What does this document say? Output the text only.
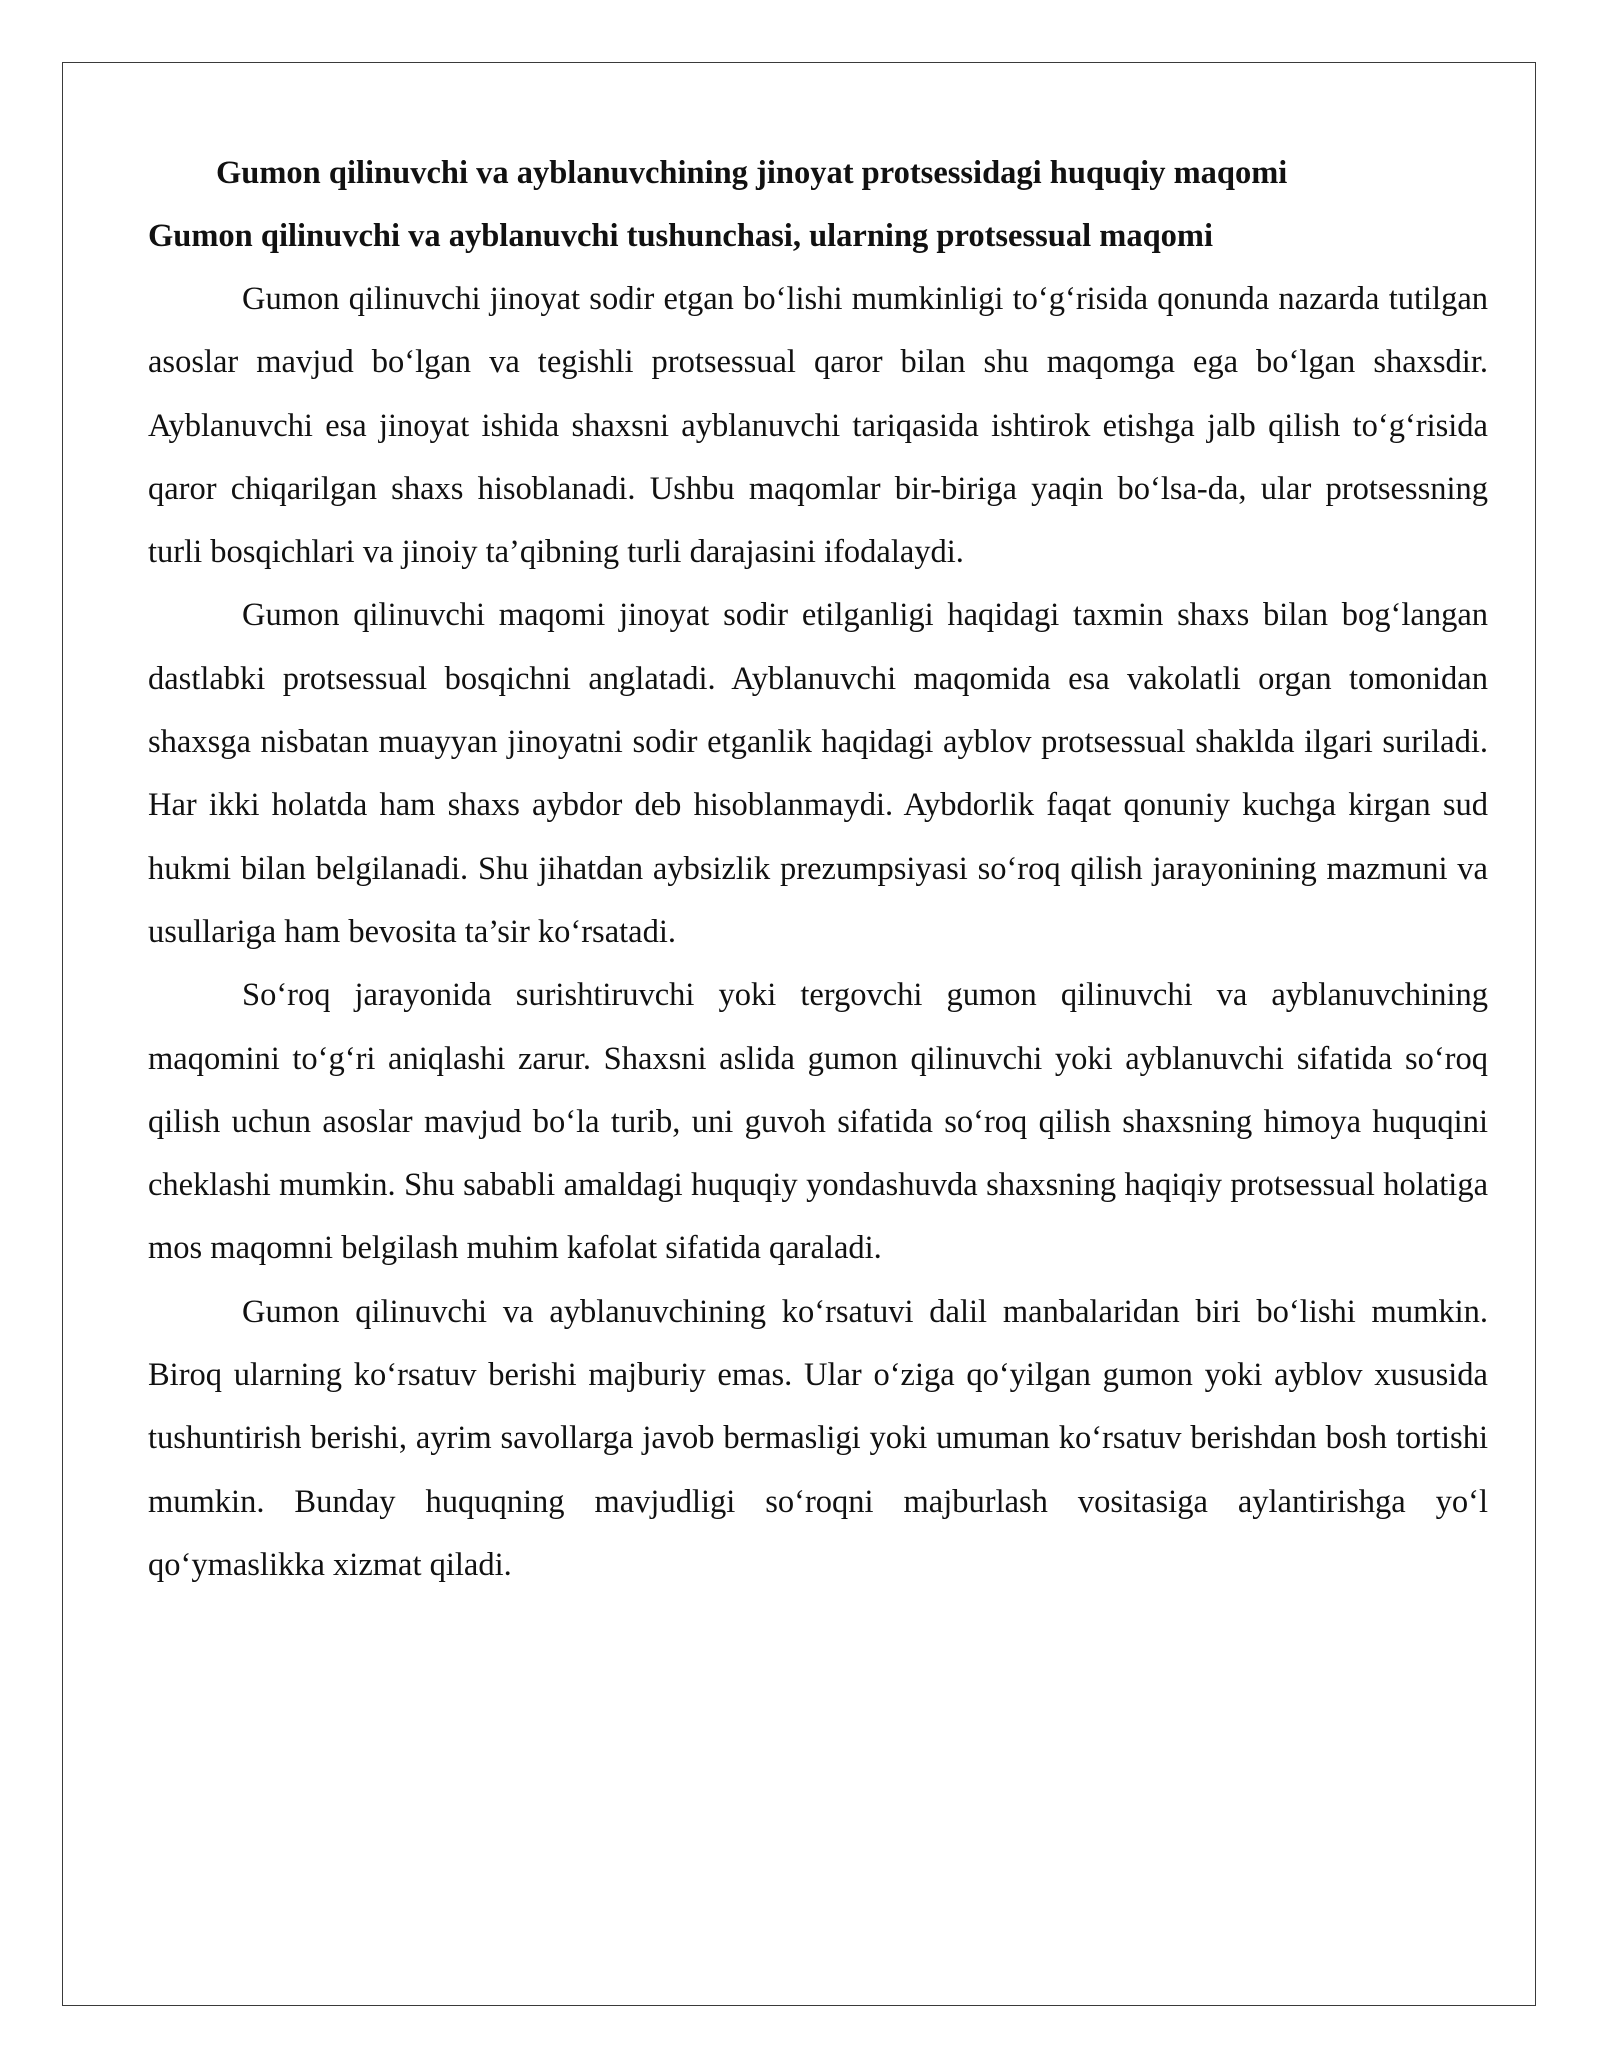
Gumon qilinuvchi va ayblanuvchining jinoyat protsessidagi huquqiy maqomi

Gumon qilinuvchi va ayblanuvchi tushunchasi, ularning protsessual maqomi

Gumon qilinuvchi jinoyat sodir etgan bo‘lishi mumkinligi to‘g‘risida qonunda nazarda tutilgan asoslar mavjud bo‘lgan va tegishli protsessual qaror bilan shu maqomga ega bo‘lgan shaxsdir. Ayblanuvchi esa jinoyat ishida shaxsni ayblanuvchi tariqasida ishtirok etishga jalb qilish to‘g‘risida qaror chiqarilgan shaxs hisoblanadi. Ushbu maqomlar bir-biriga yaqin bo‘lsa-da, ular protsessning turli bosqichlari va jinoiy ta’qibning turli darajasini ifodalaydi.

Gumon qilinuvchi maqomi jinoyat sodir etilganligi haqidagi taxmin shaxs bilan bog‘langan dastlabki protsessual bosqichni anglatadi. Ayblanuvchi maqomida esa vakolatli organ tomonidan shaxsga nisbatan muayyan jinoyatni sodir etganlik haqidagi ayblov protsessual shaklda ilgari suriladi. Har ikki holatda ham shaxs aybdor deb hisoblanmaydi. Aybdorlik faqat qonuniy kuchga kirgan sud hukmi bilan belgilanadi. Shu jihatdan aybsizlik prezumpsiyasi so‘roq qilish jarayonining mazmuni va usullariga ham bevosita ta’sir ko‘rsatadi.

So‘roq jarayonida surishtiruvchi yoki tergovchi gumon qilinuvchi va ayblanuvchining maqomini to‘g‘ri aniqlashi zarur. Shaxsni aslida gumon qilinuvchi yoki ayblanuvchi sifatida so‘roq qilish uchun asoslar mavjud bo‘la turib, uni guvoh sifatida so‘roq qilish shaxsning himoya huquqini cheklashi mumkin. Shu sababli amaldagi huquqiy yondashuvda shaxsning haqiqiy protsessual holatiga mos maqomni belgilash muhim kafolat sifatida qaraladi.

Gumon qilinuvchi va ayblanuvchining ko‘rsatuvi dalil manbalaridan biri bo‘lishi mumkin. Biroq ularning ko‘rsatuv berishi majburiy emas. Ular o‘ziga qo‘yilgan gumon yoki ayblov xususida tushuntirish berishi, ayrim savollarga javob bermasligi yoki umuman ko‘rsatuv berishdan bosh tortishi mumkin. Bunday huquqning mavjudligi so‘roqni majburlash vositasiga aylantirishga yo‘l qo‘ymaslikka xizmat qiladi.
